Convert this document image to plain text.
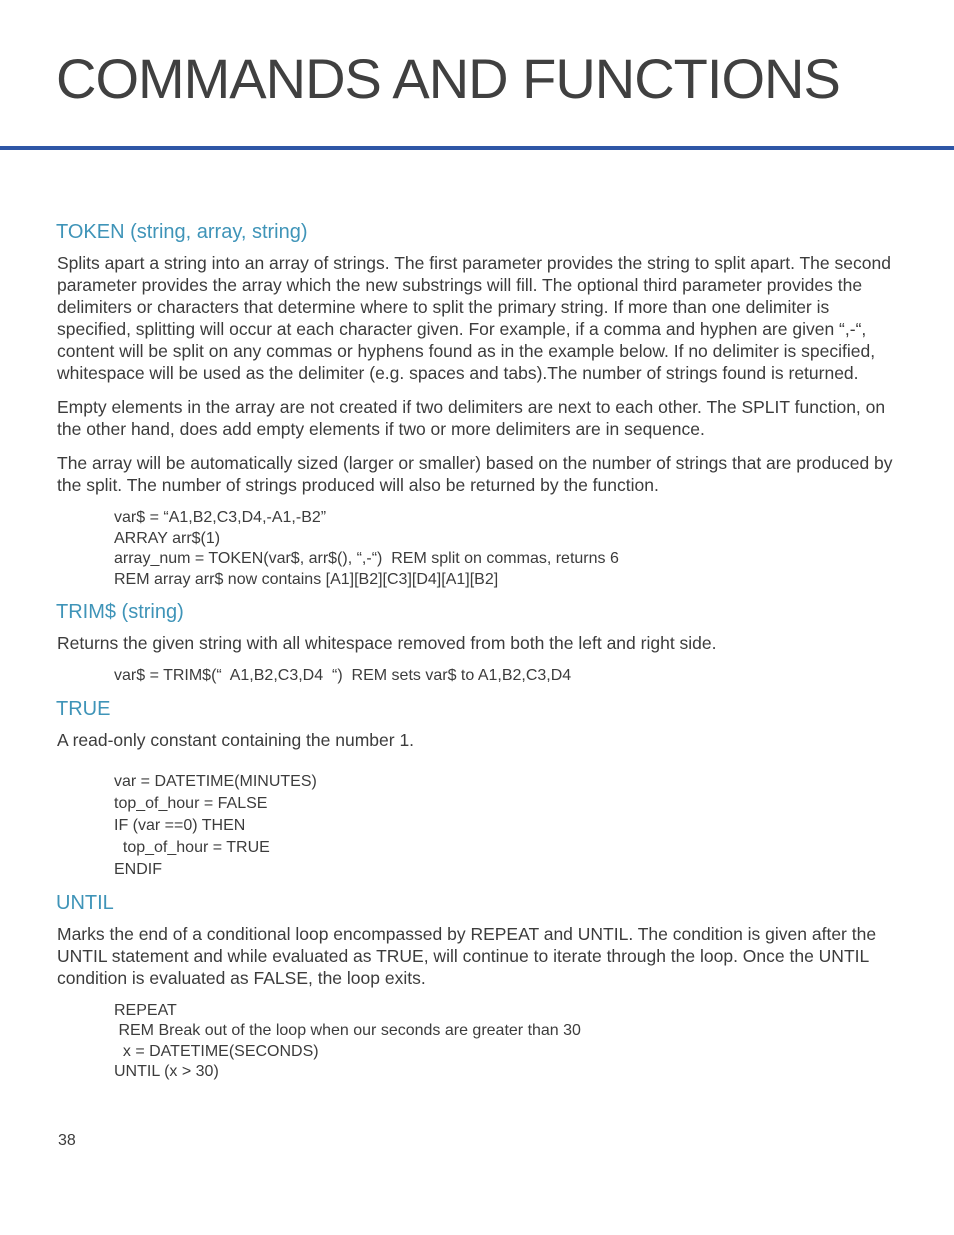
COMMANDS AND FUNCTIONS
TOKEN (string, array, string)

Splits apart a string into an array of strings. The first parameter provides the string to split apart. The second parameter provides the array which the new substrings will fill. The optional third parameter provides the delimiters or characters that determine where to split the primary string. If more than one delimiter is specified, splitting will occur at each character given. For example, if a comma and hyphen are given “,-“, content will be split on any commas or hyphens found as in the example below. If no delimiter is specified, whitespace will be used as the delimiter (e.g. spaces and tabs).The number of strings found is returned.

Empty elements in the array are not created if two delimiters are next to each other. The SPLIT function, on the other hand, does add empty elements if two or more delimiters are in sequence.

The array will be automatically sized (larger or smaller) based on the number of strings that are produced by the split. The number of strings produced will also be returned by the function.

var$ = “A1,B2,C3,D4,-A1,-B2”
ARRAY arr$(1)
array_num = TOKEN(var$, arr$(), “,-“)  REM split on commas, returns 6
REM array arr$ now contains [A1][B2][C3][D4][A1][B2]
TRIM$ (string)

Returns the given string with all whitespace removed from both the left and right side.

var$ = TRIM$(“  A1,B2,C3,D4  “)  REM sets var$ to A1,B2,C3,D4
TRUE

A read-only constant containing the number 1.

var = DATETIME(MINUTES)
top_of_hour = FALSE
IF (var ==0) THEN
top_of_hour = TRUE
ENDIF
UNTIL

Marks the end of a conditional loop encompassed by REPEAT and UNTIL. The condition is given after the UNTIL statement and while evaluated as TRUE, will continue to iterate through the loop. Once the UNTIL condition is evaluated as FALSE, the loop exits.

REPEAT
REM Break out of the loop when our seconds are greater than 30
x = DATETIME(SECONDS)
UNTIL (x > 30)
38
